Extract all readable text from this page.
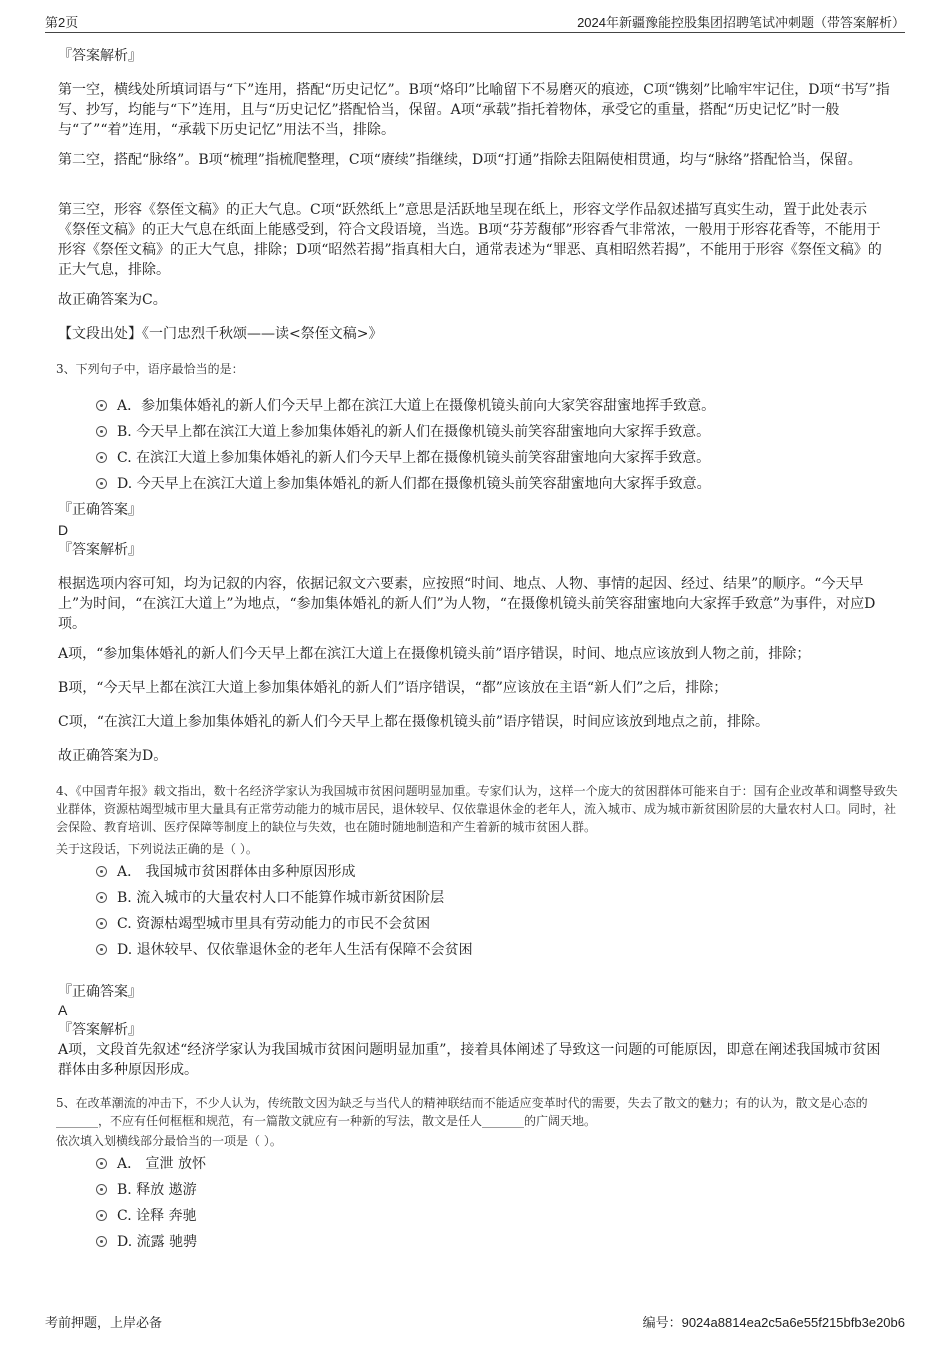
第2页	2024年新疆豫能控股集团招聘笔试冲刺题（带答案解析）
『答案解析』
第一空，横线处所填词语与“下”连用，搭配“历史记忆”。B项“烙印”比喻留下不易磨灭的痕迹，C项“镌刻”比喻牢牢记住，D项“书写”指写、抄写，均能与“下”连用，且与“历史记忆”搭配恰当，保留。A项“承载”指托着物体，承受它的重量，搭配“历史记忆”时一般与“了”“着”连用，“承载下历史记忆”用法不当，排除。
第二空，搭配“脉络”。B项“梳理”指梳爬整理，C项“赓续”指继续，D项“打通”指除去阻隔使相贯通，均与“脉络”搭配恰当，保留。
第三空，形容《祭侄文稿》的正大气息。C项“跃然纸上”意思是活跃地呈现在纸上，形容文学作品叙述描写真实生动，置于此处表示《祭侄文稿》的正大气息在纸面上能感受到，符合文段语境，当选。B项“芬芳馥郁”形容香气非常浓，一般用于形容花香等，不能用于形容《祭侄文稿》的正大气息，排除；D项“昭然若揭”指真相大白，通常表述为“罪恶、真相昭然若揭”，不能用于形容《祭侄文稿》的正大气息，排除。
故正确答案为C。
【文段出处】《一门忠烈千秋颂——读<祭侄文稿>》
3、下列句子中，语序最恰当的是：
A．参加集体婚礼的新人们今天早上都在滨江大道上在摄像机镜头前向大家笑容甜蜜地挥手致意。
B. 今天早上都在滨江大道上参加集体婚礼的新人们在摄像机镜头前笑容甜蜜地向大家挥手致意。
C. 在滨江大道上参加集体婚礼的新人们今天早上都在摄像机镜头前笑容甜蜜地向大家挥手致意。
D. 今天早上在滨江大道上参加集体婚礼的新人们都在摄像机镜头前笑容甜蜜地向大家挥手致意。
『正确答案』
D
『答案解析』
根据选项内容可知，均为记叙的内容，依据记叙文六要素，应按照“时间、地点、人物、事情的起因、经过、结果”的顺序。“今天早上”为时间，“在滨江大道上”为地点，“参加集体婚礼的新人们”为人物，“在摄像机镜头前笑容甜蜜地向大家挥手致意”为事件，对应D项。
A项，“参加集体婚礼的新人们今天早上都在滨江大道上在摄像机镜头前”语序错误，时间、地点应该放到人物之前，排除；
B项，“今天早上都在滨江大道上参加集体婚礼的新人们”语序错误，“都”应该放在主语“新人们”之后，排除；
C项，“在滨江大道上参加集体婚礼的新人们今天早上都在摄像机镜头前”语序错误，时间应该放到地点之前，排除。
故正确答案为D。
4、《中国青年报》载文指出，数十名经济学家认为我国城市贫困问题明显加重。专家们认为，这样一个庞大的贫困群体可能来自于：国有企业改革和调整导致失业群体，资源枯竭型城市里大量具有正常劳动能力的城市居民，退休较早、仅依靠退休金的老年人，流入城市、成为城市新贫困阶层的大量农村人口。同时，社会保险、教育培训、医疗保障等制度上的缺位与失效，也在随时随地制造和产生着新的城市贫困人群。
关于这段话，下列说法正确的是（ ）。
A． 我国城市贫困群体由多种原因形成
B. 流入城市的大量农村人口不能算作城市新贫困阶层
C. 资源枯竭型城市里具有劳动能力的市民不会贫困
D. 退休较早、仅依靠退休金的老年人生活有保障不会贫困
『正确答案』
A
『答案解析』
A项，文段首先叙述“经济学家认为我国城市贫困问题明显加重”，接着具体阐述了导致这一问题的可能原因，即意在阐述我国城市贫困群体由多种原因形成。
5、在改革潮流的冲击下，不少人认为，传统散文因为缺乏与当代人的精神联结而不能适应变革时代的需要，失去了散文的魅力；有的认为，散文是心态的_______，不应有任何框框和规范，有一篇散文就应有一种新的写法，散文是任人_______的广阔天地。
依次填入划横线部分最恰当的一项是（ ）。
A． 宣泄 放怀
B. 释放 遨游
C. 诠释 奔驰
D. 流露 驰骋
考前押题，上岸必备	编号：9024a8814ea2c5a6e55f215bfb3e20b6
